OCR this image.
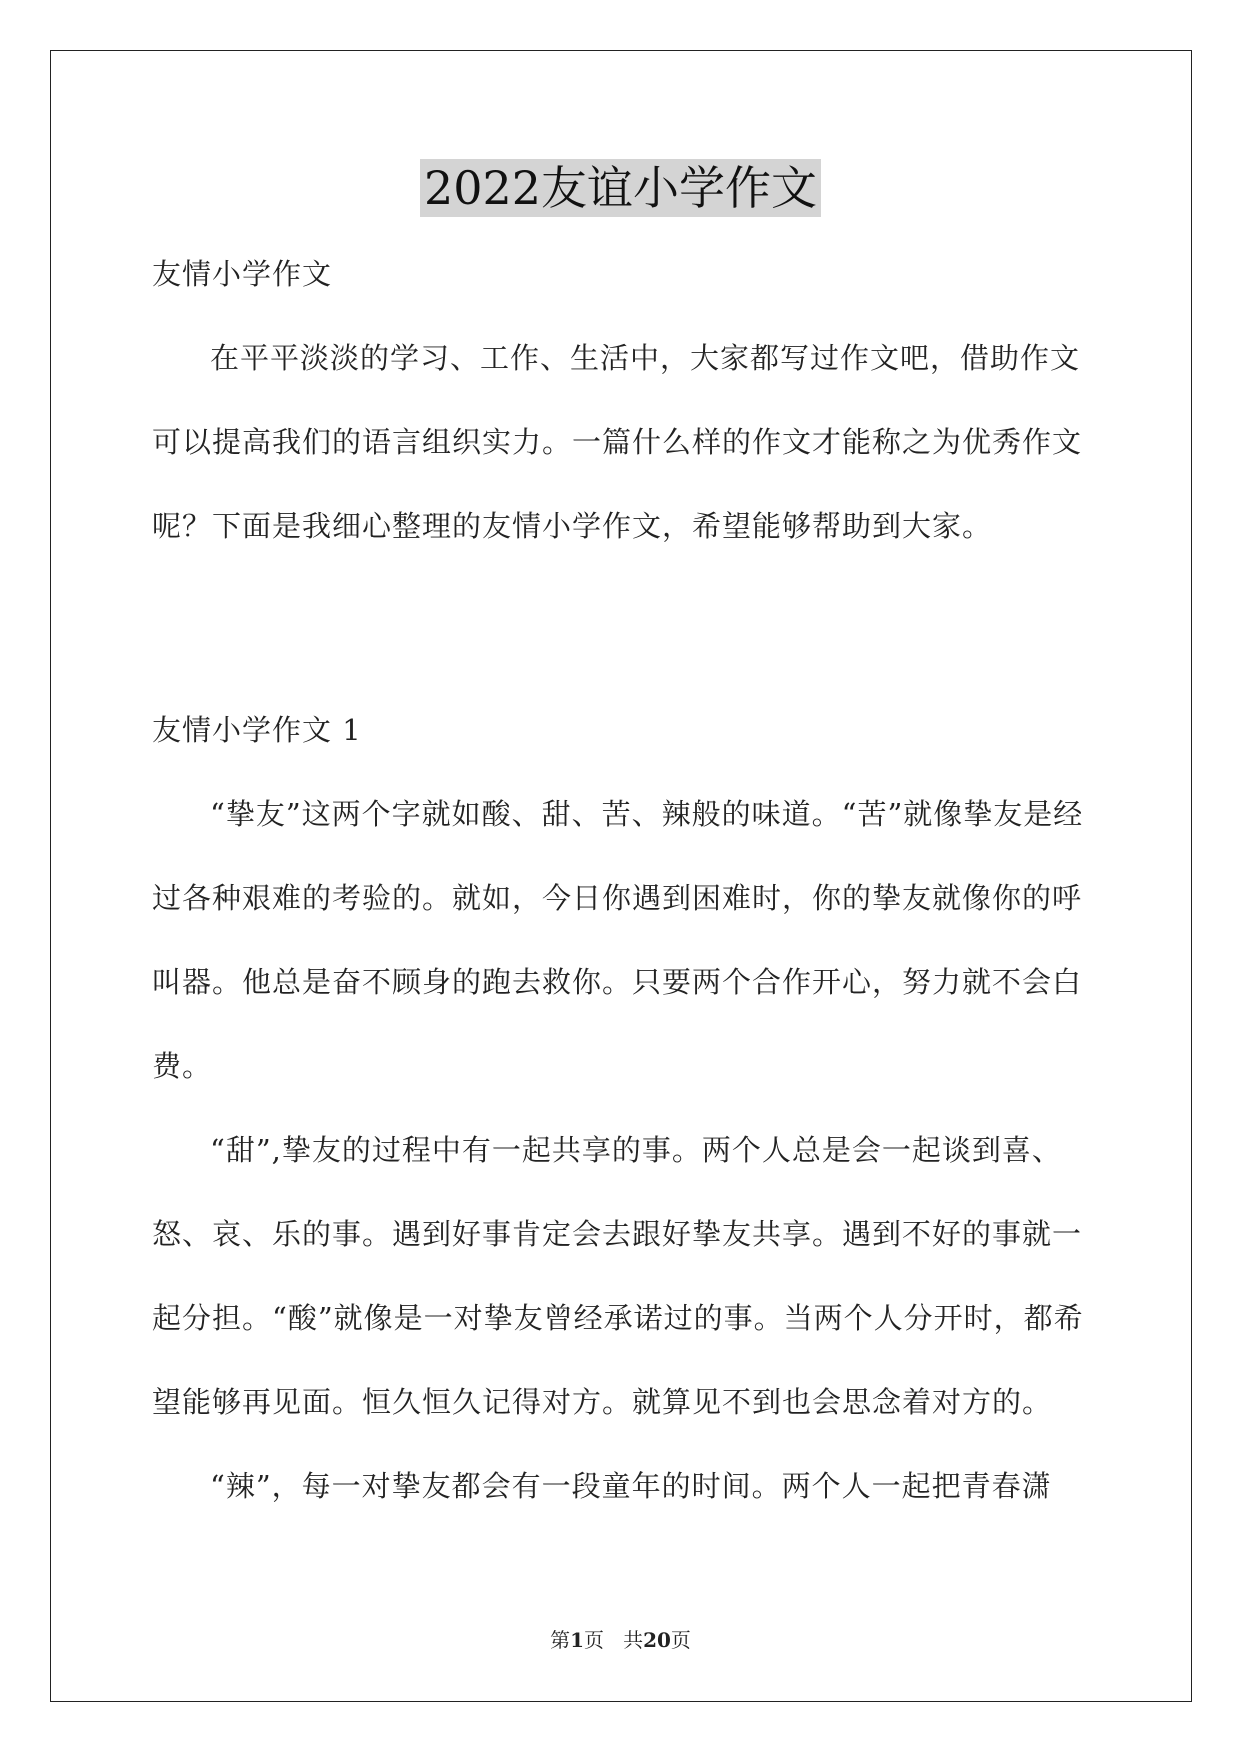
2022友谊小学作文

友情小学作文

在平平淡淡的学习、工作、生活中，大家都写过作文吧，借助作文可以提高我们的语言组织实力。一篇什么样的作文才能称之为优秀作文呢？下面是我细心整理的友情小学作文，希望能够帮助到大家。

友情小学作文 1

“挚友”这两个字就如酸、甜、苦、辣般的味道。“苦”就像挚友是经过各种艰难的考验的。就如，今日你遇到困难时，你的挚友就像你的呼叫器。他总是奋不顾身的跑去救你。只要两个合作开心，努力就不会白费。

“甜”,挚友的过程中有一起共享的事。两个人总是会一起谈到喜、怒、哀、乐的事。遇到好事肯定会去跟好挚友共享。遇到不好的事就一起分担。“酸”就像是一对挚友曾经承诺过的事。当两个人分开时，都希望能够再见面。恒久恒久记得对方。就算见不到也会思念着对方的。

“辣”，每一对挚友都会有一段童年的时间。两个人一起把青春潇

第1页 共20页
